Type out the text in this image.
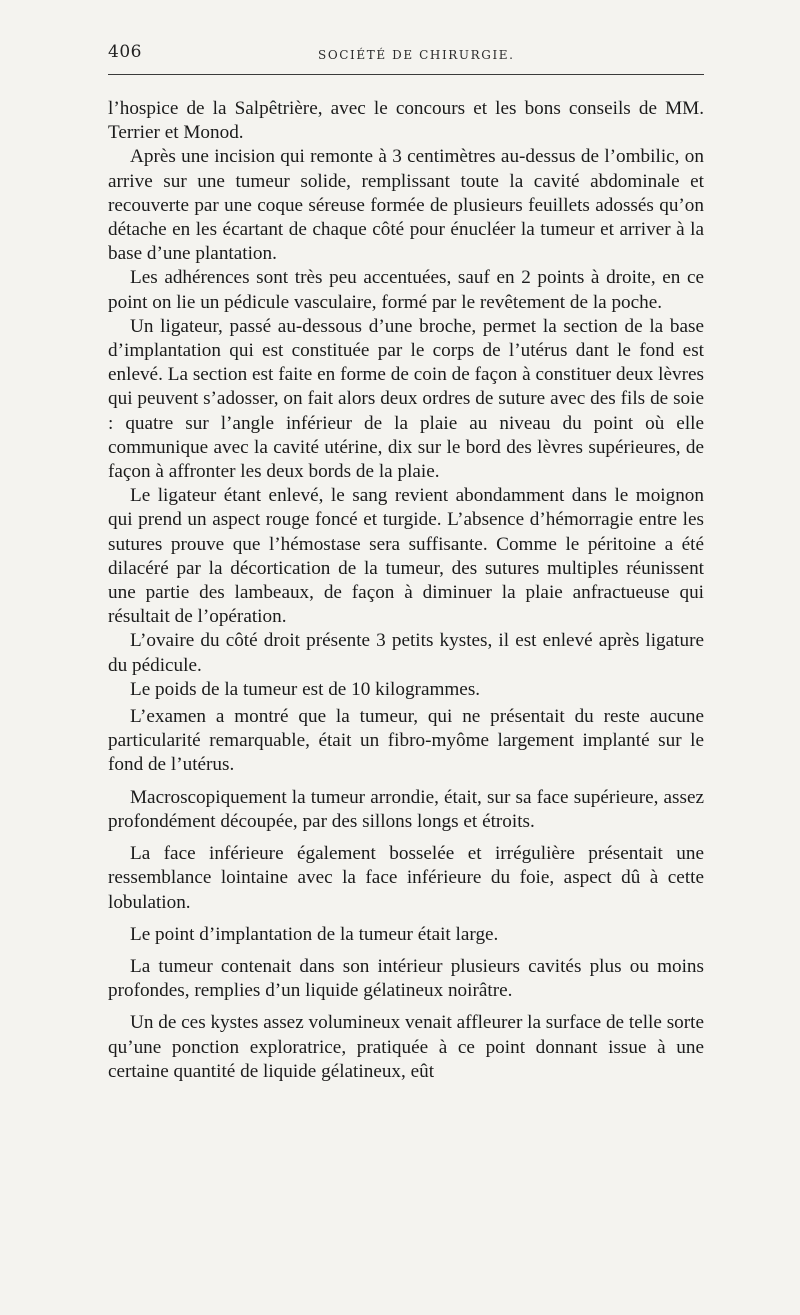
406	SOCIÉTÉ DE CHIRURGIE.

l’hospice de la Salpêtrière, avec le concours et les bons conseils de MM. Terrier et Monod.

Après une incision qui remonte à 3 centimètres au-dessus de l’ombilic, on arrive sur une tumeur solide, remplissant toute la cavité abdominale et recouverte par une coque séreuse formée de plusieurs feuillets adossés qu’on détache en les écartant de chaque côté pour énucléer la tumeur et arriver à la base d’une plantation.

Les adhérences sont très peu accentuées, sauf en 2 points à droite, en ce point on lie un pédicule vasculaire, formé par le revêtement de la poche.

Un ligateur, passé au-dessous d’une broche, permet la section de la base d’implantation qui est constituée par le corps de l’utérus dant le fond est enlevé. La section est faite en forme de coin de façon à constituer deux lèvres qui peuvent s’adosser, on fait alors deux ordres de suture avec des fils de soie : quatre sur l’angle inférieur de la plaie au niveau du point où elle communique avec la cavité utérine, dix sur le bord des lèvres supérieures, de façon à affronter les deux bords de la plaie.

Le ligateur étant enlevé, le sang revient abondamment dans le moignon qui prend un aspect rouge foncé et turgide. L’absence d’hémorragie entre les sutures prouve que l’hémostase sera suffisante. Comme le péritoine a été dilacéré par la décortication de la tumeur, des sutures multiples réunissent une partie des lambeaux, de façon à diminuer la plaie anfractueuse qui résultait de l’opération.

L’ovaire du côté droit présente 3 petits kystes, il est enlevé après ligature du pédicule.

Le poids de la tumeur est de 10 kilogrammes.

L’examen a montré que la tumeur, qui ne présentait du reste aucune particularité remarquable, était un fibro-myôme largement implanté sur le fond de l’utérus.

Macroscopiquement la tumeur arrondie, était, sur sa face supérieure, assez profondément découpée, par des sillons longs et étroits.

La face inférieure également bosselée et irrégulière présentait une ressemblance lointaine avec la face inférieure du foie, aspect dû à cette lobulation.

Le point d’implantation de la tumeur était large.

La tumeur contenait dans son intérieur plusieurs cavités plus ou moins profondes, remplies d’un liquide gélatineux noirâtre.

Un de ces kystes assez volumineux venait affleurer la surface de telle sorte qu’une ponction exploratrice, pratiquée à ce point donnant issue à une certaine quantité de liquide gélatineux, eût
